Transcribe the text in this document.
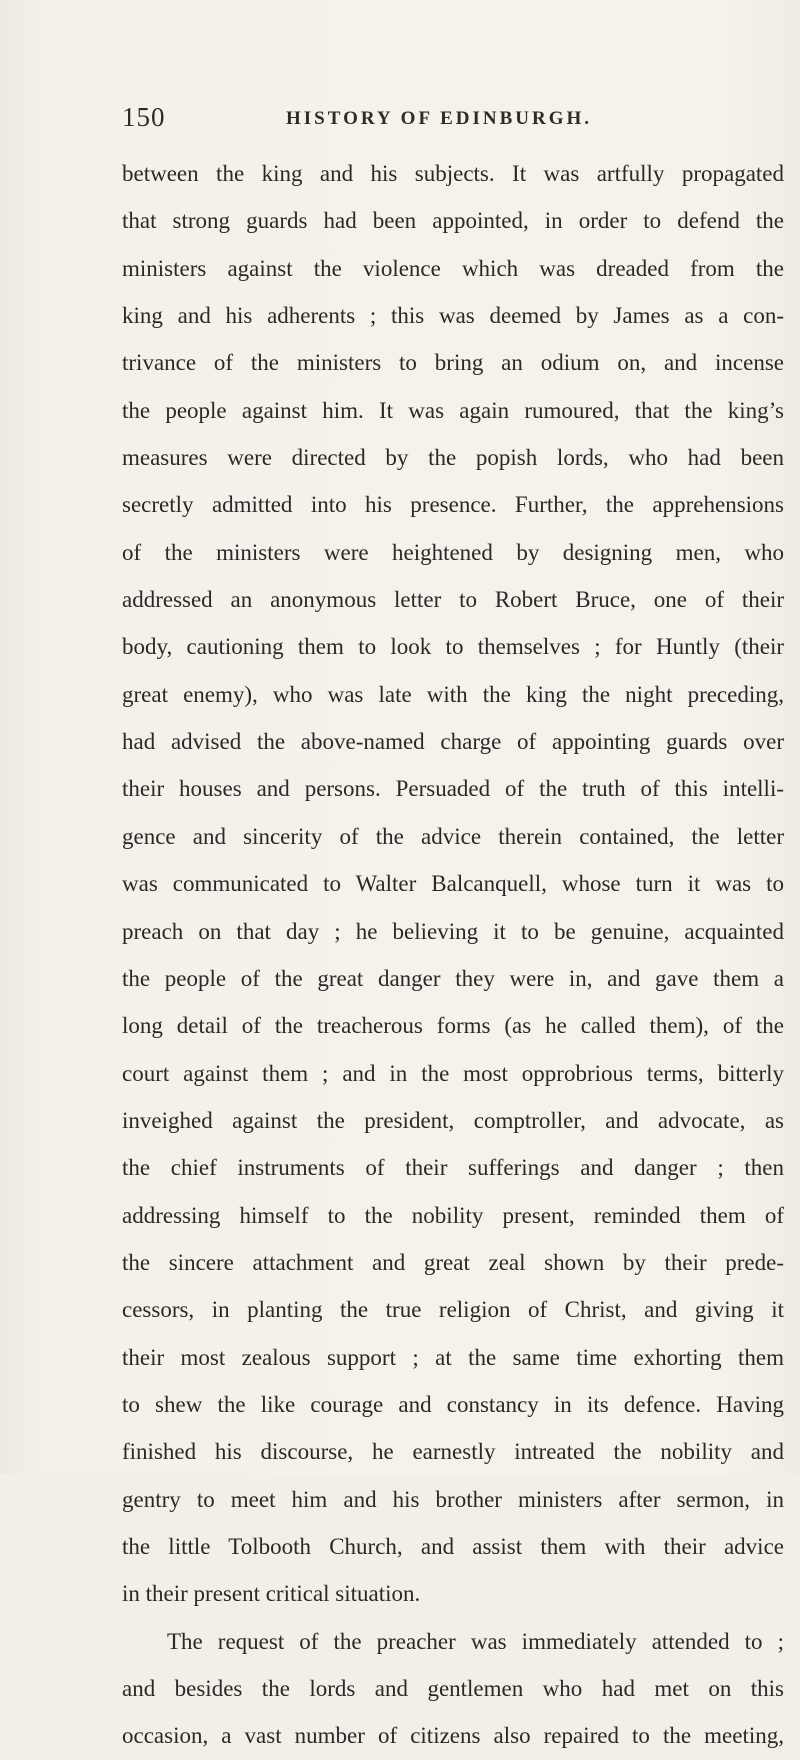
150	HISTORY OF EDINBURGH.
between the king and his subjects. It was artfully propagated
that strong guards had been appointed, in order to defend the
ministers against the violence which was dreaded from the
king and his adherents ; this was deemed by James as a con-
trivance of the ministers to bring an odium on, and incense
the people against him. It was again rumoured, that the king’s
measures were directed by the popish lords, who had been
secretly admitted into his presence. Further, the apprehensions
of the ministers were heightened by designing men, who
addressed an anonymous letter to Robert Bruce, one of their
body, cautioning them to look to themselves ; for Huntly (their
great enemy), who was late with the king the night preceding,
had advised the above-named charge of appointing guards over
their houses and persons. Persuaded of the truth of this intelli-
gence and sincerity of the advice therein contained, the letter
was communicated to Walter Balcanquell, whose turn it was to
preach on that day ; he believing it to be genuine, acquainted
the people of the great danger they were in, and gave them a
long detail of the treacherous forms (as he called them), of the
court against them ; and in the most opprobrious terms, bitterly
inveighed against the president, comptroller, and advocate, as
the chief instruments of their sufferings and danger ; then
addressing himself to the nobility present, reminded them of
the sincere attachment and great zeal shown by their prede-
cessors, in planting the true religion of Christ, and giving it
their most zealous support ; at the same time exhorting them
to shew the like courage and constancy in its defence. Having
finished his discourse, he earnestly intreated the nobility and
gentry to meet him and his brother ministers after sermon, in
the little Tolbooth Church, and assist them with their advice
in their present critical situation.
The request of the preacher was immediately attended to ;
and besides the lords and gentlemen who had met on this
occasion, a vast number of citizens also repaired to the meeting,
